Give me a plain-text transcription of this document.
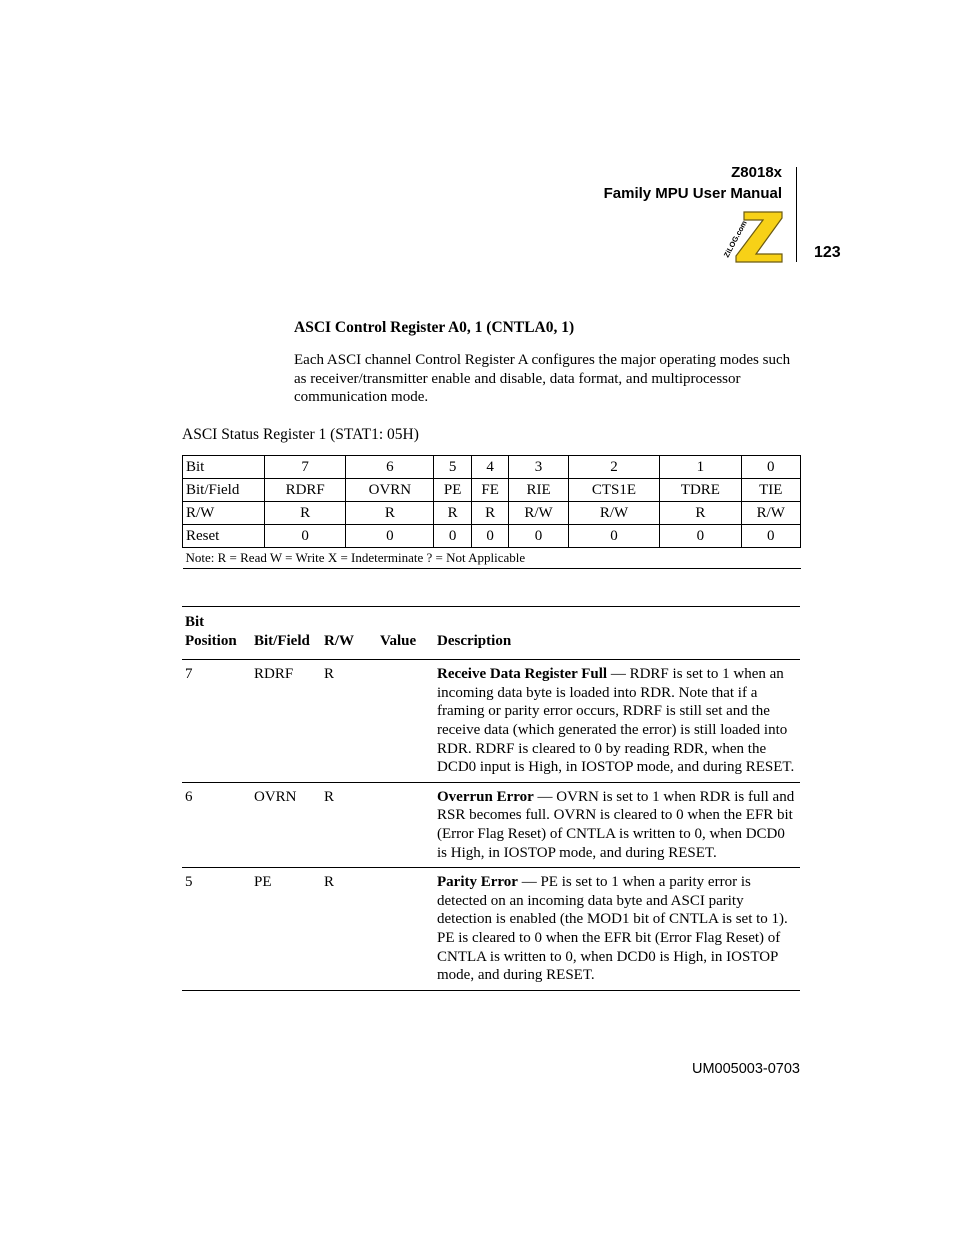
Z8018x
Family MPU User Manual
123
ZiLOG.com
ASCI Control Register A0, 1 (CNTLA0, 1)
Each ASCI channel Control Register A configures the major operating modes such as receiver/transmitter enable and disable, data format, and multiprocessor communication mode.
ASCI Status Register 1 (STAT1: 05H)
Bit	7	6	5	4	3	2	1	0
Bit/Field	RDRF	OVRN	PE	FE	RIE	CTS1E	TDRE	TIE
R/W	R	R	R	R	R/W	R/W	R	R/W
Reset	0	0	0	0	0	0	0	0
Note: R = Read W = Write X = Indeterminate ? = Not Applicable								
Bit
Position	Bit/Field	R/W	Value	Description
7	RDRF	R		Receive Data Register Full — RDRF is set to 1 when an incoming data byte is loaded into RDR. Note that if a framing or parity error occurs, RDRF is still set and the receive data (which generated the error) is still loaded into RDR. RDRF is cleared to 0 by reading RDR, when the DCD0 input is High, in IOSTOP mode, and during RESET.
6	OVRN	R		Overrun Error — OVRN is set to 1 when RDR is full and RSR becomes full. OVRN is cleared to 0 when the EFR bit (Error Flag Reset) of CNTLA is written to 0, when DCD0 is High, in IOSTOP mode, and during RESET.
5	PE	R		Parity Error — PE is set to 1 when a parity error is detected on an incoming data byte and ASCI parity detection is enabled (the MOD1 bit of CNTLA is set to 1). PE is cleared to 0 when the EFR bit (Error Flag Reset) of CNTLA is written to 0, when DCD0 is High, in IOSTOP mode, and during RESET.
UM005003-0703
